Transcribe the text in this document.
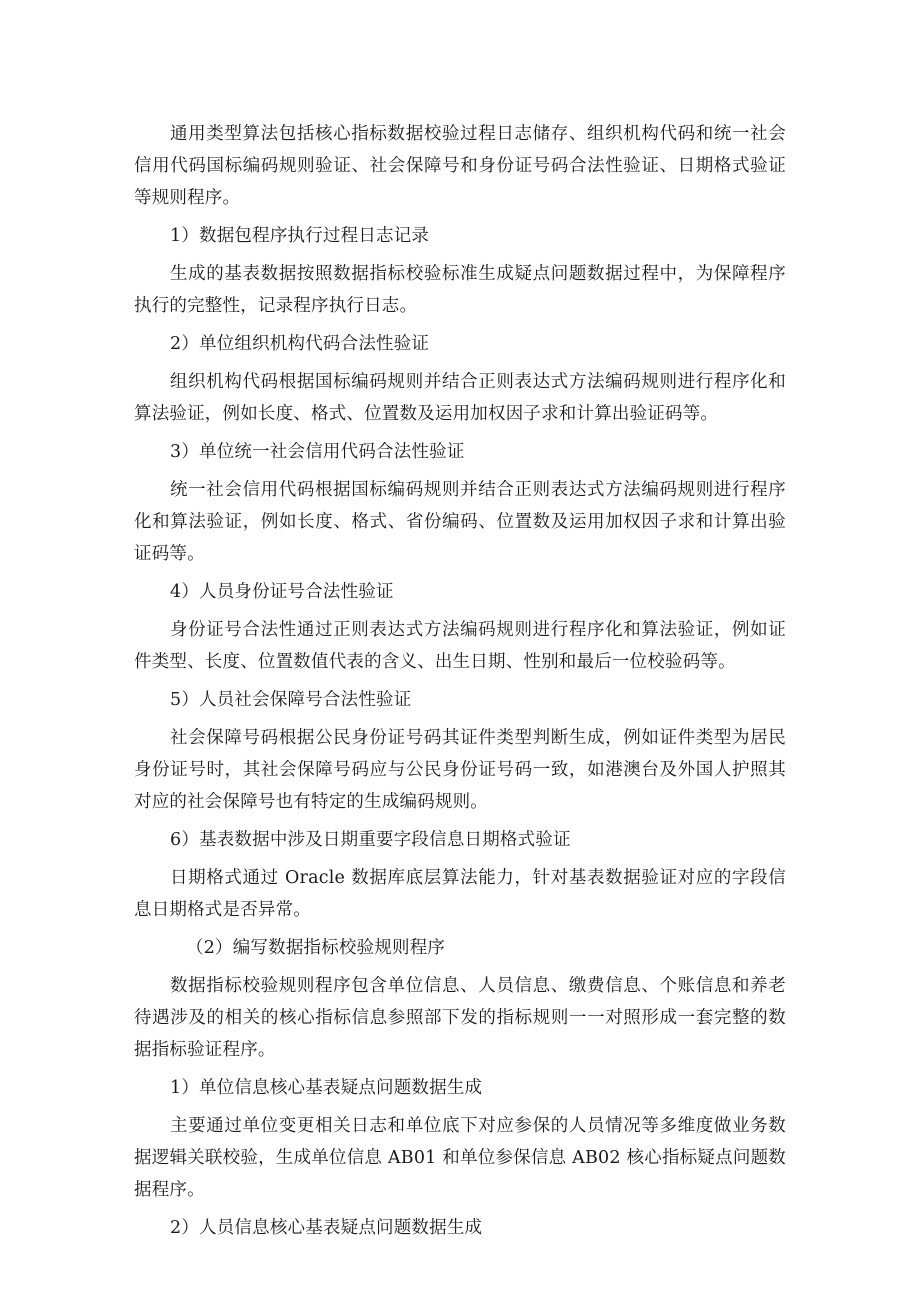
通用类型算法包括核心指标数据校验过程日志储存、组织机构代码和统一社会信用代码国标编码规则验证、社会保障号和身份证号码合法性验证、日期格式验证等规则程序。

1）数据包程序执行过程日志记录

生成的基表数据按照数据指标校验标准生成疑点问题数据过程中，为保障程序执行的完整性，记录程序执行日志。

2）单位组织机构代码合法性验证

组织机构代码根据国标编码规则并结合正则表达式方法编码规则进行程序化和算法验证，例如长度、格式、位置数及运用加权因子求和计算出验证码等。

3）单位统一社会信用代码合法性验证

统一社会信用代码根据国标编码规则并结合正则表达式方法编码规则进行程序化和算法验证，例如长度、格式、省份编码、位置数及运用加权因子求和计算出验证码等。

4）人员身份证号合法性验证

身份证号合法性通过正则表达式方法编码规则进行程序化和算法验证，例如证件类型、长度、位置数值代表的含义、出生日期、性别和最后一位校验码等。

5）人员社会保障号合法性验证

社会保障号码根据公民身份证号码其证件类型判断生成，例如证件类型为居民身份证号时，其社会保障号码应与公民身份证号码一致，如港澳台及外国人护照其对应的社会保障号也有特定的生成编码规则。

6）基表数据中涉及日期重要字段信息日期格式验证

日期格式通过 Oracle 数据库底层算法能力，针对基表数据验证对应的字段信息日期格式是否异常。

（2）编写数据指标校验规则程序

数据指标校验规则程序包含单位信息、人员信息、缴费信息、个账信息和养老待遇涉及的相关的核心指标信息参照部下发的指标规则一一对照形成一套完整的数据指标验证程序。

1）单位信息核心基表疑点问题数据生成

主要通过单位变更相关日志和单位底下对应参保的人员情况等多维度做业务数据逻辑关联校验，生成单位信息 AB01 和单位参保信息 AB02 核心指标疑点问题数据程序。

2）人员信息核心基表疑点问题数据生成
